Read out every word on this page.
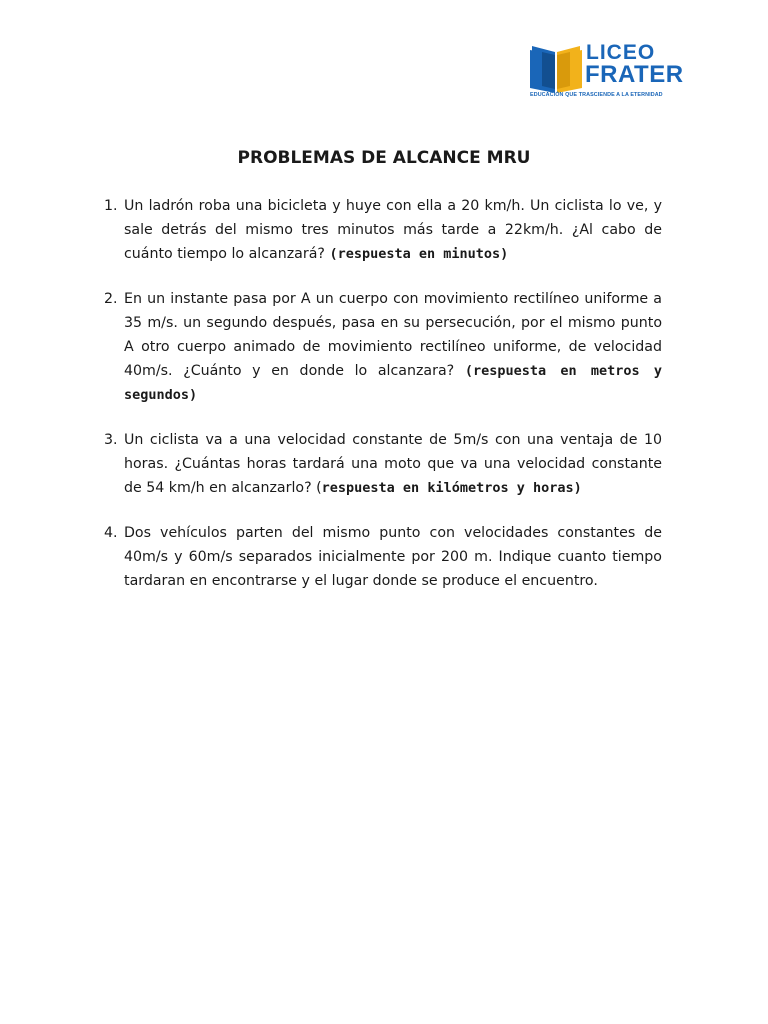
LICEO
FRATER
EDUCACIÓN QUE TRASCIENDE A LA ETERNIDAD
PROBLEMAS DE ALCANCE MRU
1. Un ladrón roba una bicicleta y huye con ella a 20 km/h. Un ciclista lo ve, y sale detrás del mismo tres minutos más tarde a 22km/h. ¿Al cabo de cuánto tiempo lo alcanzará? (respuesta en minutos)
2. En un instante pasa por A un cuerpo con movimiento rectilíneo uniforme a 35 m/s. un segundo después, pasa en su persecución, por el mismo punto A otro cuerpo animado de movimiento rectilíneo uniforme, de velocidad 40m/s. ¿Cuánto y en donde lo alcanzara? (respuesta en metros y segundos)
3. Un ciclista va a una velocidad constante de 5m/s con una ventaja de 10 horas. ¿Cuántas horas tardará una moto que va una velocidad constante de 54 km/h en alcanzarlo? (respuesta en kilómetros y horas)
4. Dos vehículos parten del mismo punto con velocidades constantes de 40m/s y 60m/s separados inicialmente por 200 m. Indique cuanto tiempo tardaran en encontrarse y el lugar donde se produce el encuentro.
